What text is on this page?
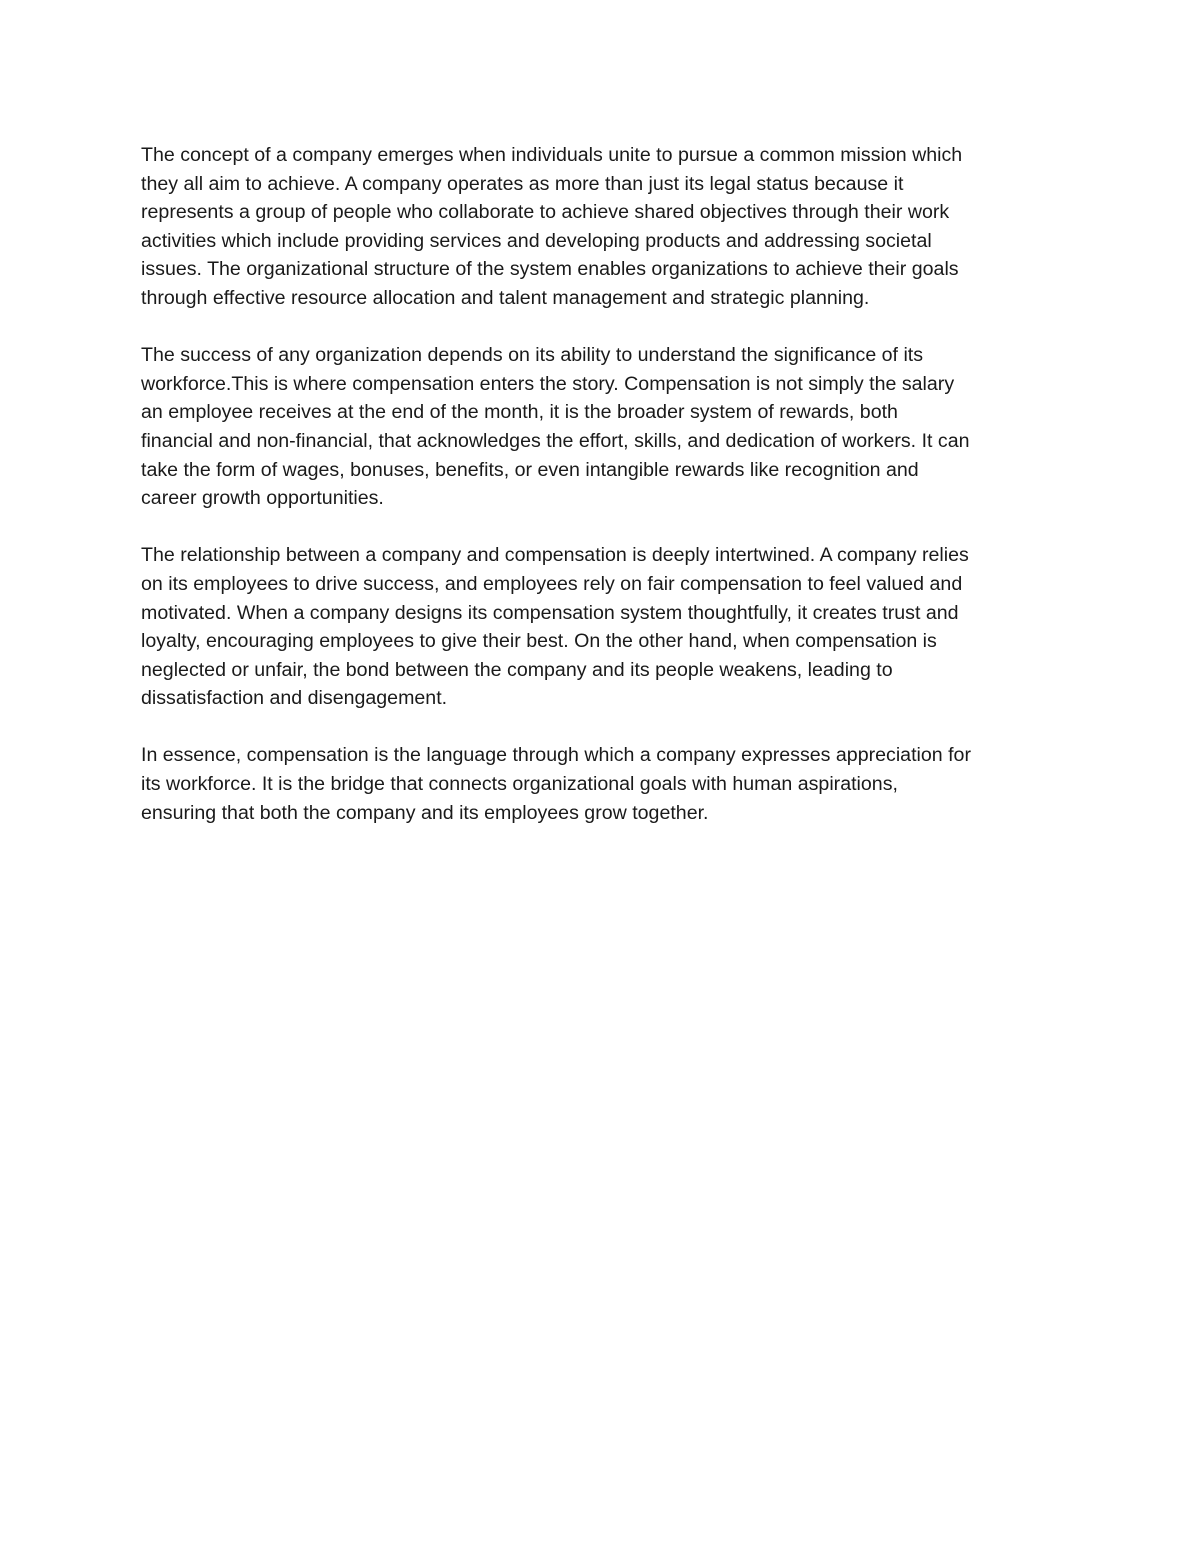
The concept of a company emerges when individuals unite to pursue a common mission which
they all aim to achieve. A company operates as more than just its legal status because it
represents a group of people who collaborate to achieve shared objectives through their work
activities which include providing services and developing products and addressing societal
issues. The organizational structure of the system enables organizations to achieve their goals
through effective resource allocation and talent management and strategic planning.

The success of any organization depends on its ability to understand the significance of its
workforce.This is where compensation enters the story. Compensation is not simply the salary
an employee receives at the end of the month, it is the broader system of rewards, both
financial and non-financial, that acknowledges the effort, skills, and dedication of workers. It can
take the form of wages, bonuses, benefits, or even intangible rewards like recognition and
career growth opportunities.

The relationship between a company and compensation is deeply intertwined. A company relies
on its employees to drive success, and employees rely on fair compensation to feel valued and
motivated. When a company designs its compensation system thoughtfully, it creates trust and
loyalty, encouraging employees to give their best. On the other hand, when compensation is
neglected or unfair, the bond between the company and its people weakens, leading to
dissatisfaction and disengagement.

In essence, compensation is the language through which a company expresses appreciation for
its workforce. It is the bridge that connects organizational goals with human aspirations,
ensuring that both the company and its employees grow together.
